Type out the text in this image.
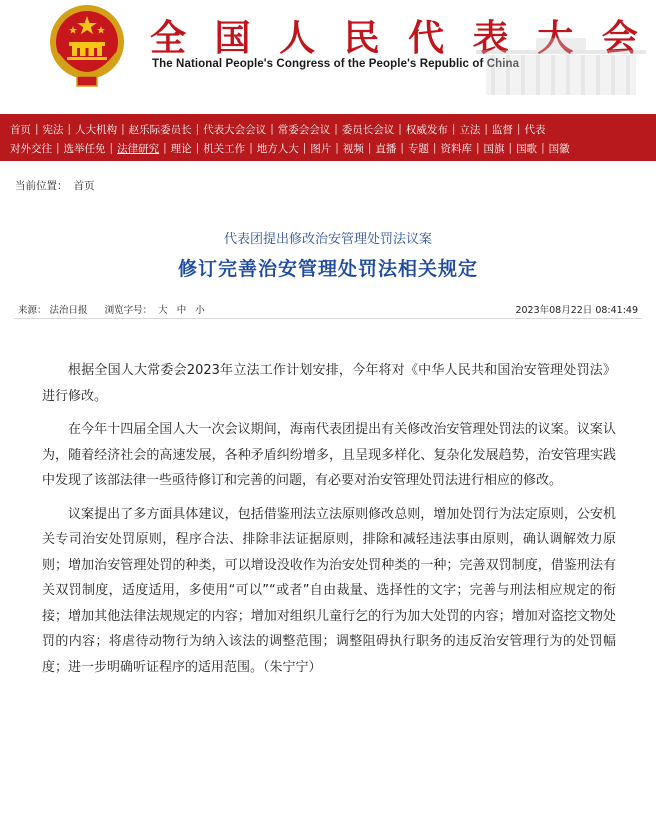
全 国 人 民 代 表 大 会
The National People's Congress of the People's Republic of China
首页 | 宪法 | 人大机构 | 赵乐际委员长 | 代表大会会议 | 常委会会议 | 委员长会议 | 权威发布 | 立法 | 监督 | 代表
对外交往 | 选举任免 | 法律研究 | 理论 | 机关工作 | 地方人大 | 图片 | 视频 | 直播 | 专题 | 资料库 | 国旗 | 国歌 | 国徽
当前位置： 首页
代表团提出修改治安管理处罚法议案
修订完善治安管理处罚法相关规定
来源： 法治日报 浏览字号： 大 中 小	2023年08月22日 08:41:49

根据全国人大常委会2023年立法工作计划安排，今年将对《中华人民共和国治安管理处罚法》进行修改。

在今年十四届全国人大一次会议期间，海南代表团提出有关修改治安管理处罚法的议案。议案认为，随着经济社会的高速发展，各种矛盾纠纷增多，且呈现多样化、复杂化发展趋势，治安管理实践中发现了该部法律一些亟待修订和完善的问题，有必要对治安管理处罚法进行相应的修改。

议案提出了多方面具体建议，包括借鉴刑法立法原则修改总则，增加处罚行为法定原则，公安机关专司治安处罚原则，程序合法、排除非法证据原则，排除和减轻违法事由原则，确认调解效力原则；增加治安管理处罚的种类，可以增设没收作为治安处罚种类的一种；完善双罚制度，借鉴刑法有关双罚制度，适度适用，多使用“可以”“或者”自由裁量、选择性的文字；完善与刑法相应规定的衔接；增加其他法律法规规定的内容；增加对组织儿童行乞的行为加大处罚的内容；增加对盗挖文物处罚的内容；将虐待动物行为纳入该法的调整范围；调整阻碍执行职务的违反治安管理行为的处罚幅度；进一步明确听证程序的适用范围。（朱宁宁）
